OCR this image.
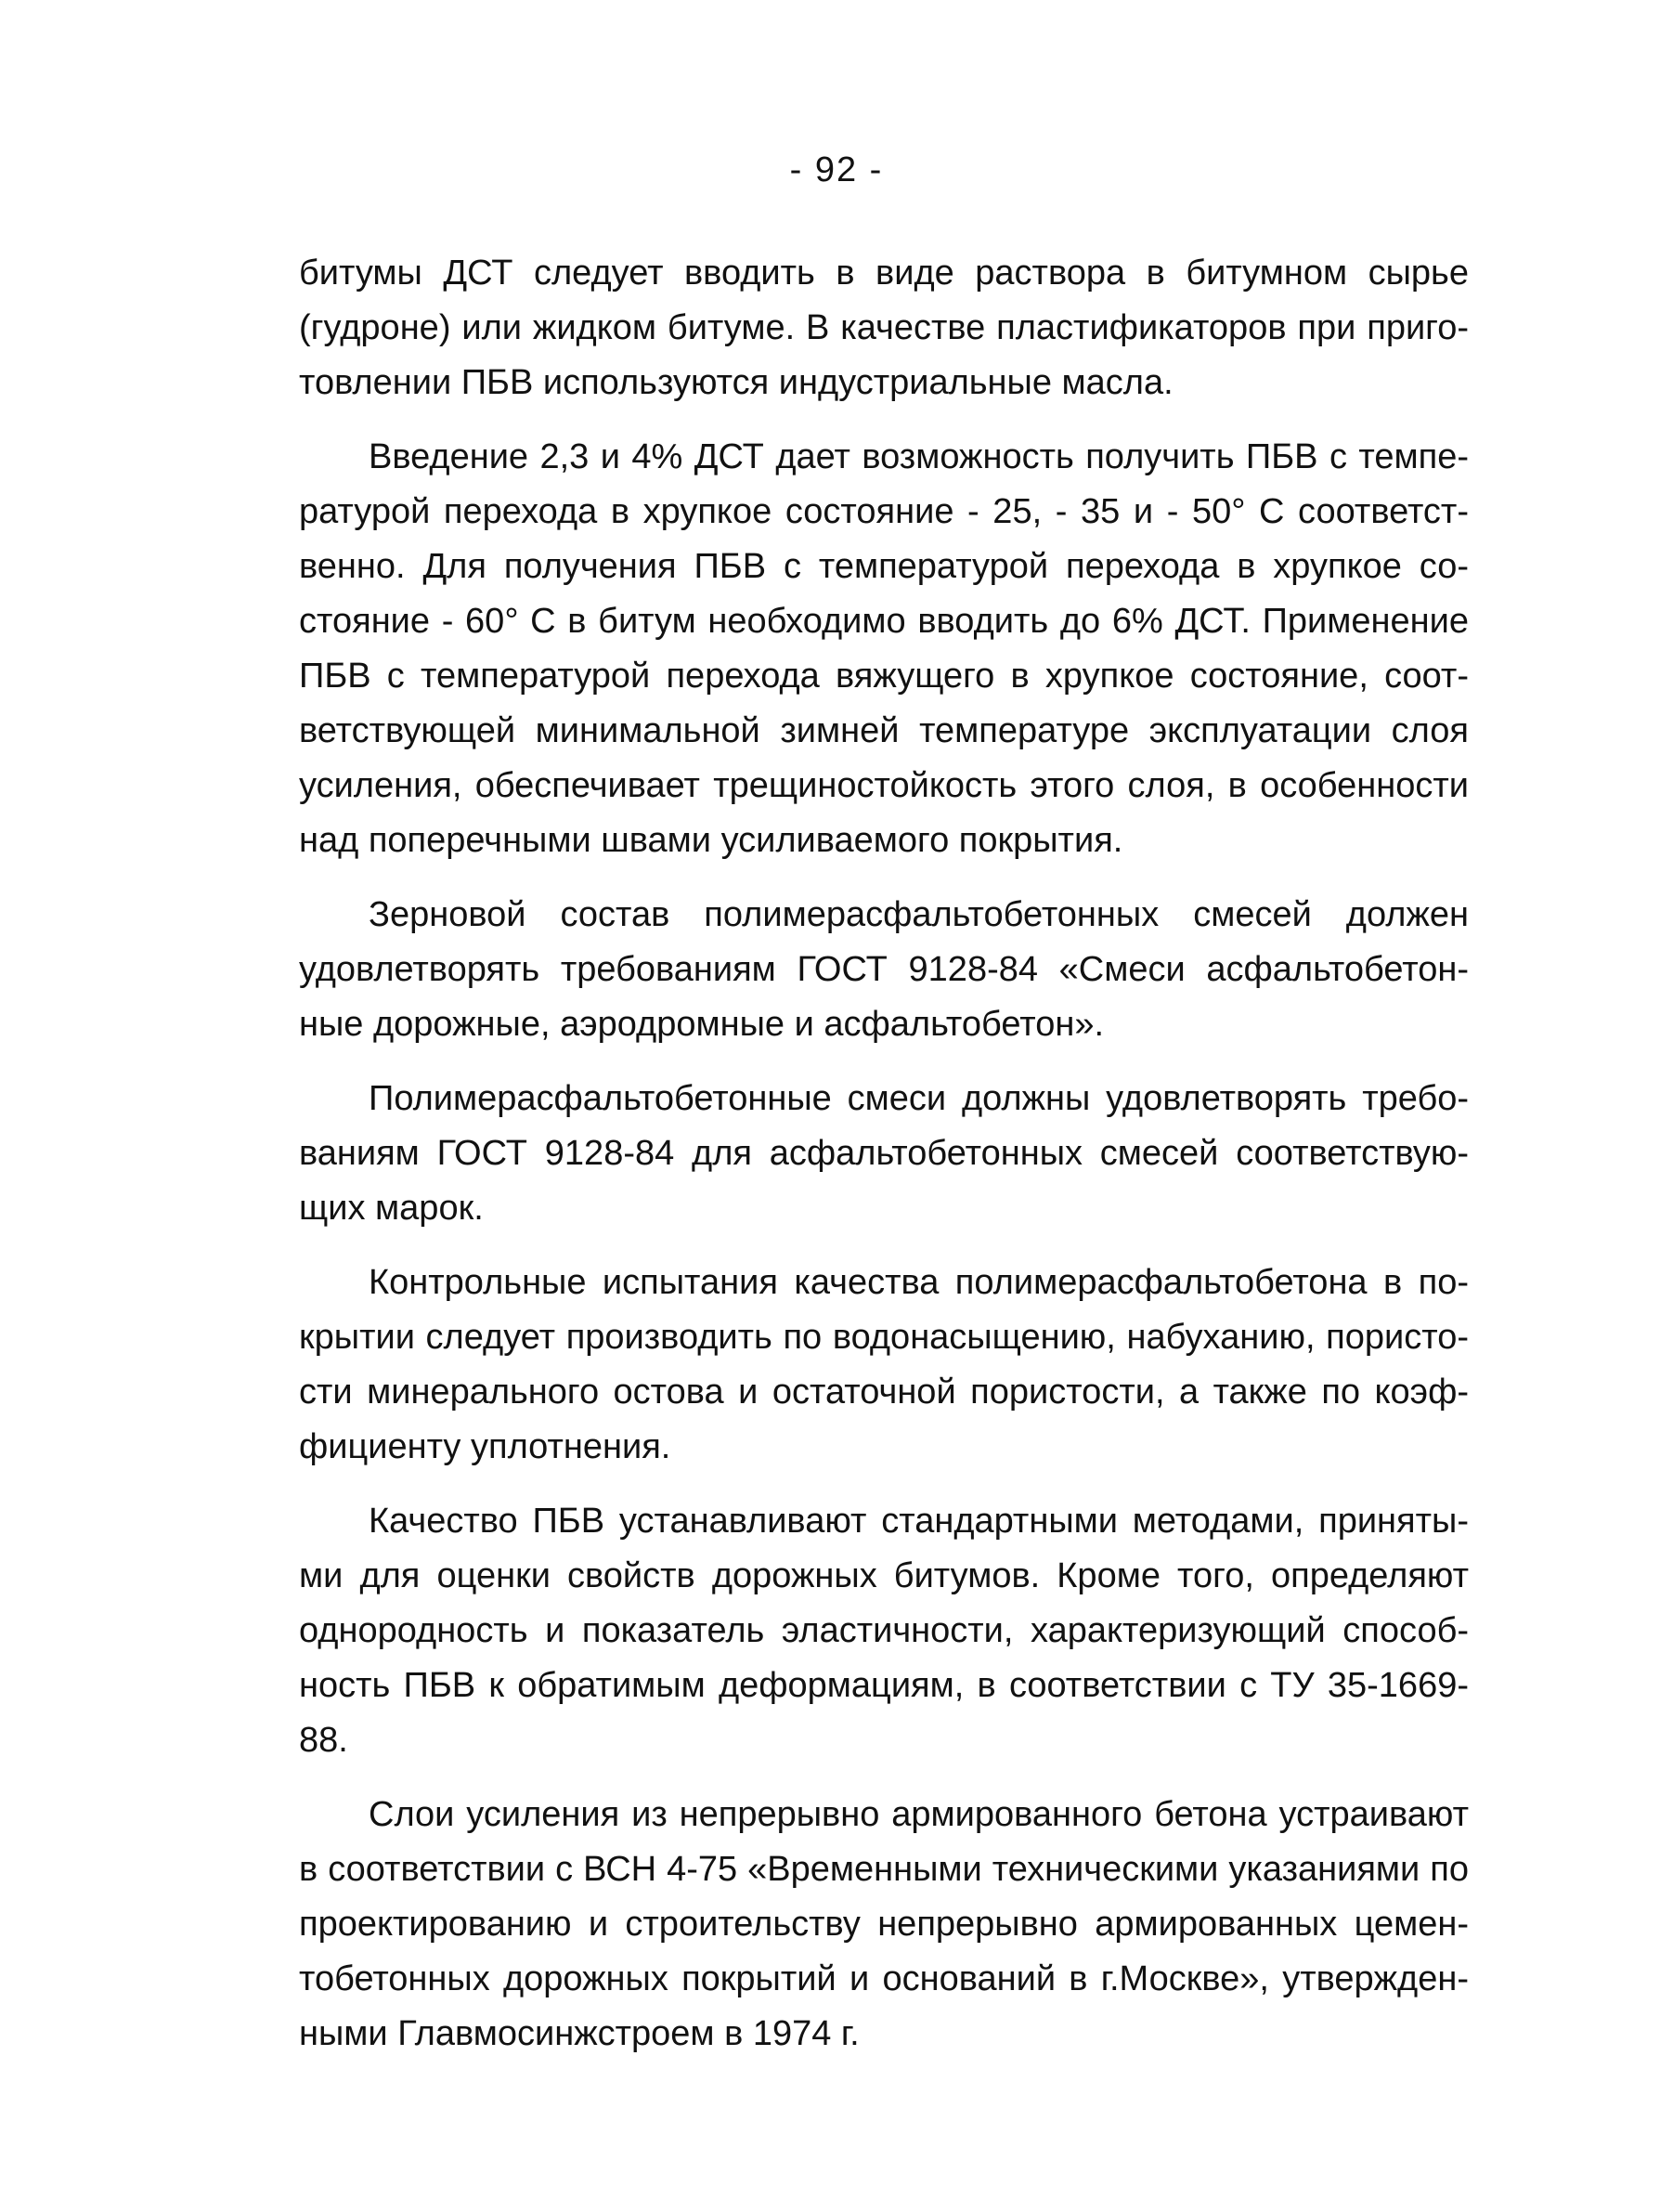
- 92 -
битумы ДСТ следует вводить в виде раствора в битумном сырье
(гудроне) или жидком битуме. В качестве пластификаторов при приго-
товлении ПБВ используются индустриальные масла.
Введение 2,3 и 4% ДСТ дает возможность получить ПБВ с темпе-
ратурой перехода в хрупкое состояние - 25, - 35 и - 50° С соответст-
венно. Для получения ПБВ с температурой перехода в хрупкое со-
стояние - 60° С в битум необходимо вводить до 6% ДСТ. Применение
ПБВ с температурой перехода вяжущего в хрупкое состояние, соот-
ветствующей минимальной зимней температуре эксплуатации слоя
усиления, обеспечивает трещиностойкость этого слоя, в особенности
над поперечными швами усиливаемого покрытия.
Зерновой состав полимерасфальтобетонных смесей должен
удовлетворять требованиям ГОСТ 9128-84 «Смеси асфальтобетон-
ные дорожные, аэродромные и асфальтобетон».
Полимерасфальтобетонные смеси должны удовлетворять требо-
ваниям ГОСТ 9128-84 для асфальтобетонных смесей соответствую-
щих марок.
Контрольные испытания качества полимерасфальтобетона в по-
крытии следует производить по водонасыщению, набуханию, пористо-
сти минерального остова и остаточной пористости, а также по коэф-
фициенту уплотнения.
Качество ПБВ устанавливают стандартными методами, приняты-
ми для оценки свойств дорожных битумов. Кроме того, определяют
однородность и показатель эластичности, характеризующий способ-
ность ПБВ к обратимым деформациям, в соответствии с ТУ 35-1669-
88.
Слои усиления из непрерывно армированного бетона устраивают
в соответствии с ВСН 4-75 «Временными техническими указаниями по
проектированию и строительству непрерывно армированных цемен-
тобетонных дорожных покрытий и оснований в г.Москве», утвержден-
ными Главмосинжстроем в 1974 г.
